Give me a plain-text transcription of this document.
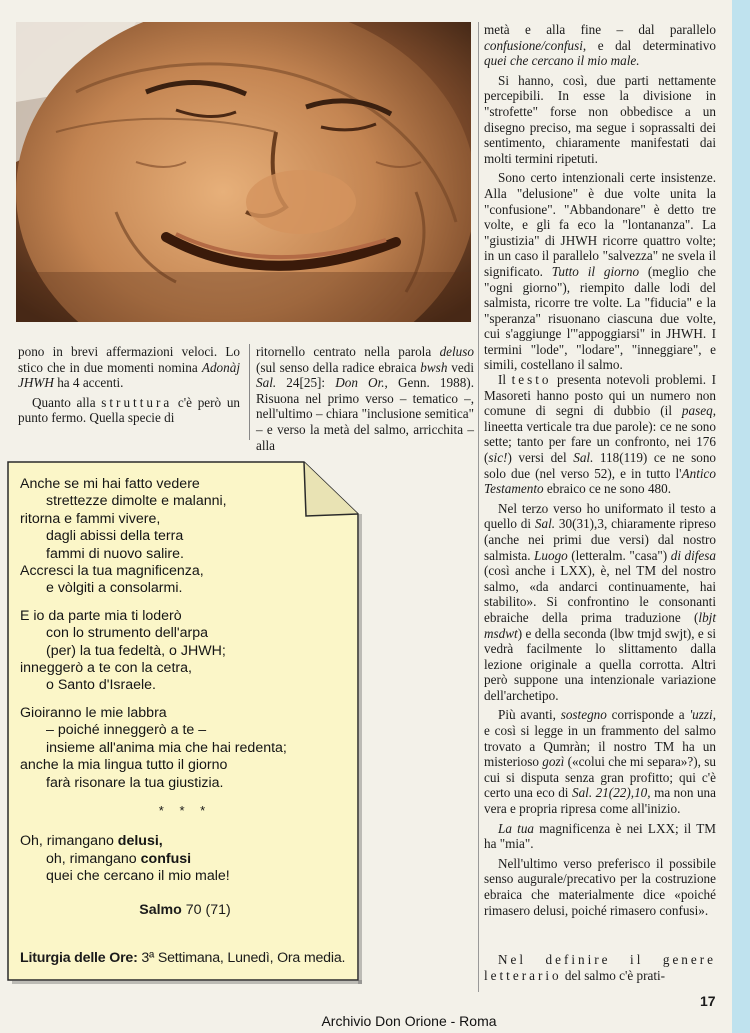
pono in brevi affermazioni veloci. Lo stico che in due momenti nomina Adonàj JHWH ha 4 accenti.

Quanto alla struttura c'è però un punto fermo. Quella specie di

ritornello centrato nella parola deluso (sul senso della radice ebraica bwsh vedi Sal. 24[25]: Don Or., Genn. 1988). Risuona nel primo verso – tematico –, nell'ultimo – chiara "inclusione semitica" – e verso la metà del salmo, arricchita – alla

metà e alla fine – dal parallelo confusione/confusi, e dal determinativo quei che cercano il mio male.

Si hanno, così, due parti nettamente percepibili. In esse la divisione in "strofette" forse non obbedisce a un disegno preciso, ma segue i soprassalti dei sentimento, chiaramente manifestati dai molti termini ripetuti.

Sono certo intenzionali certe insistenze. Alla "delusione" è due volte unita la "confusione". "Abbandonare" è detto tre volte, e gli fa eco la "lontananza". La "giustizia" di JHWH ricorre quattro volte; in un caso il parallelo "salvezza" ne svela il significato. Tutto il giorno (meglio che "ogni giorno"), riempito dalle lodi del salmista, ricorre tre volte. La "fiducia" e la "speranza" risuonano ciascuna due volte, cui s'aggiunge l'"appoggiarsi" in JHWH. I termini "lode", "lodare", "inneggiare", e simili, costellano il salmo.

Il testo presenta notevoli problemi. I Masoreti hanno posto qui un numero non comune di segni di dubbio (il paseq, lineetta verticale tra due parole): ce ne sono sette; tanto per fare un confronto, nei 176 (sic!) versi del Sal. 118(119) ce ne sono solo due (nel verso 52), e in tutto l'Antico Testamento ebraico ce ne sono 480.

Nel terzo verso ho uniformato il testo a quello di Sal. 30(31),3, chiaramente ripreso (anche nei primi due versi) dal nostro salmista. Luogo (letteralm. "casa") di difesa (così anche i LXX), è, nel TM del nostro salmo, «da andarci continuamente, hai stabilito». Si confrontino le consonanti ebraiche della prima traduzione (lbjt msdwt) e della seconda (lbw tmjd swjt), e si vedrà facilmente lo slittamento dalla lezione originale a quella corrotta. Altri però suppone una intenzionale variazione dell'archetipo.

Più avanti, sostegno corrisponde a 'uzzi, e così si legge in un frammento del salmo trovato a Qumràn; il nostro TM ha un misterioso gozì («colui che mi separa»?), su cui si disputa senza gran profitto; qui c'è certo una eco di Sal. 21(22),10, ma non una vera e propria ripresa come all'inizio.

La tua magnificenza è nei LXX; il TM ha "mia".

Nell'ultimo verso preferisco il possibile senso augurale/precativo per la costruzione ebraica che materialmente dice «poiché rimasero delusi, poiché rimasero confusi».

Nel definire il genere letterario del salmo c'è prati-

Anche se mi hai fatto vedere
strettezze dimolte e malanni,
ritorna e fammi vivere,
dagli abissi della terra
fammi di nuovo salire.
Accresci la tua magnificenza,
e vòlgiti a consolarmi.
E io da parte mia ti loderò
con lo strumento dell'arpa
(per) la tua fedeltà, o JHWH;
inneggerò a te con la cetra,
o Santo d'Israele.
Gioiranno le mie labbra
– poiché inneggerò a te –
insieme all'anima mia che hai redenta;
anche la mia lingua tutto il giorno
farà risonare la tua giustizia.
* * *
Oh, rimangano delusi,
oh, rimangano confusi
quei che cercano il mio male!
Salmo 70 (71)
Liturgia delle Ore: 3ª Settimana, Lunedì, Ora media.
17
Archivio Don Orione - Roma
